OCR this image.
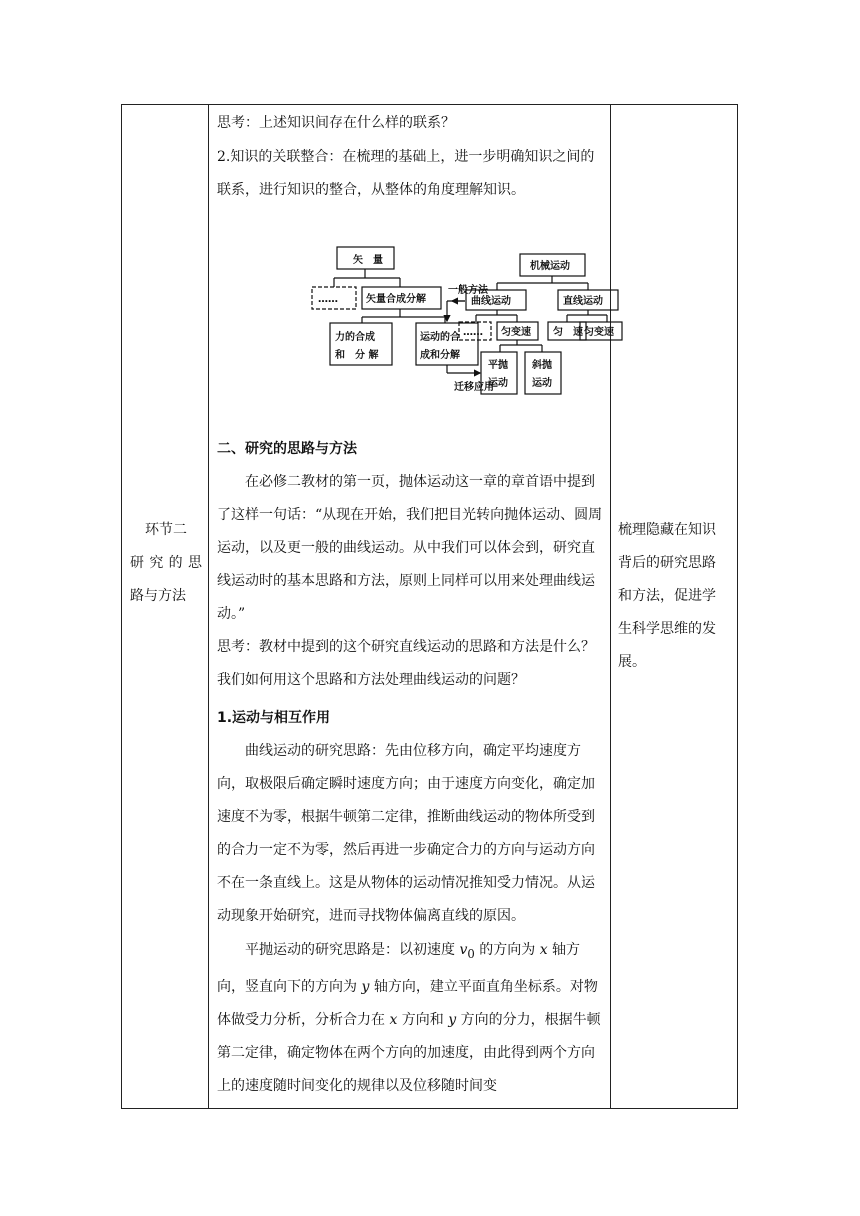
环节二
研究的思
路与方法
梳理隐藏在知识背后的研究思路和方法，促进学生科学思维的发展。

思考：上述知识间存在什么样的联系？

2.知识的关联整合：在梳理的基础上，进一步明确知识之间的联系，进行知识的整合，从整体的角度理解知识。

矢　量
……	矢量合成分解
力的合成
和　分 解
运动的合
成和分解
一般方法
迁移应用
机械运动
曲线运动	直线运动
…… 匀变速 匀　速 匀变速
平抛
运动
斜抛
运动

二、研究的思路与方法

在必修二教材的第一页，抛体运动这一章的章首语中提到了这样一句话：“从现在开始，我们把目光转向抛体运动、圆周运动，以及更一般的曲线运动。从中我们可以体会到，研究直线运动时的基本思路和方法，原则上同样可以用来处理曲线运动。”

思考：教材中提到的这个研究直线运动的思路和方法是什么？我们如何用这个思路和方法处理曲线运动的问题？

1.运动与相互作用

曲线运动的研究思路：先由位移方向，确定平均速度方向，取极限后确定瞬时速度方向；由于速度方向变化，确定加速度不为零，根据牛顿第二定律，推断曲线运动的物体所受到的合力一定不为零，然后再进一步确定合力的方向与运动方向不在一条直线上。这是从物体的运动情况推知受力情况。从运动现象开始研究，进而寻找物体偏离直线的原因。

平抛运动的研究思路是：以初速度 $v_0$ 的方向为 x 轴方向，竖直向下的方向为 y 轴方向，建立平面直角坐标系。对物体做受力分析，分析合力在 x 方向和 y 方向的分力，根据牛顿第二定律，确定物体在两个方向的加速度，由此得到两个方向上的速度随时间变化的规律以及位移随时间变
